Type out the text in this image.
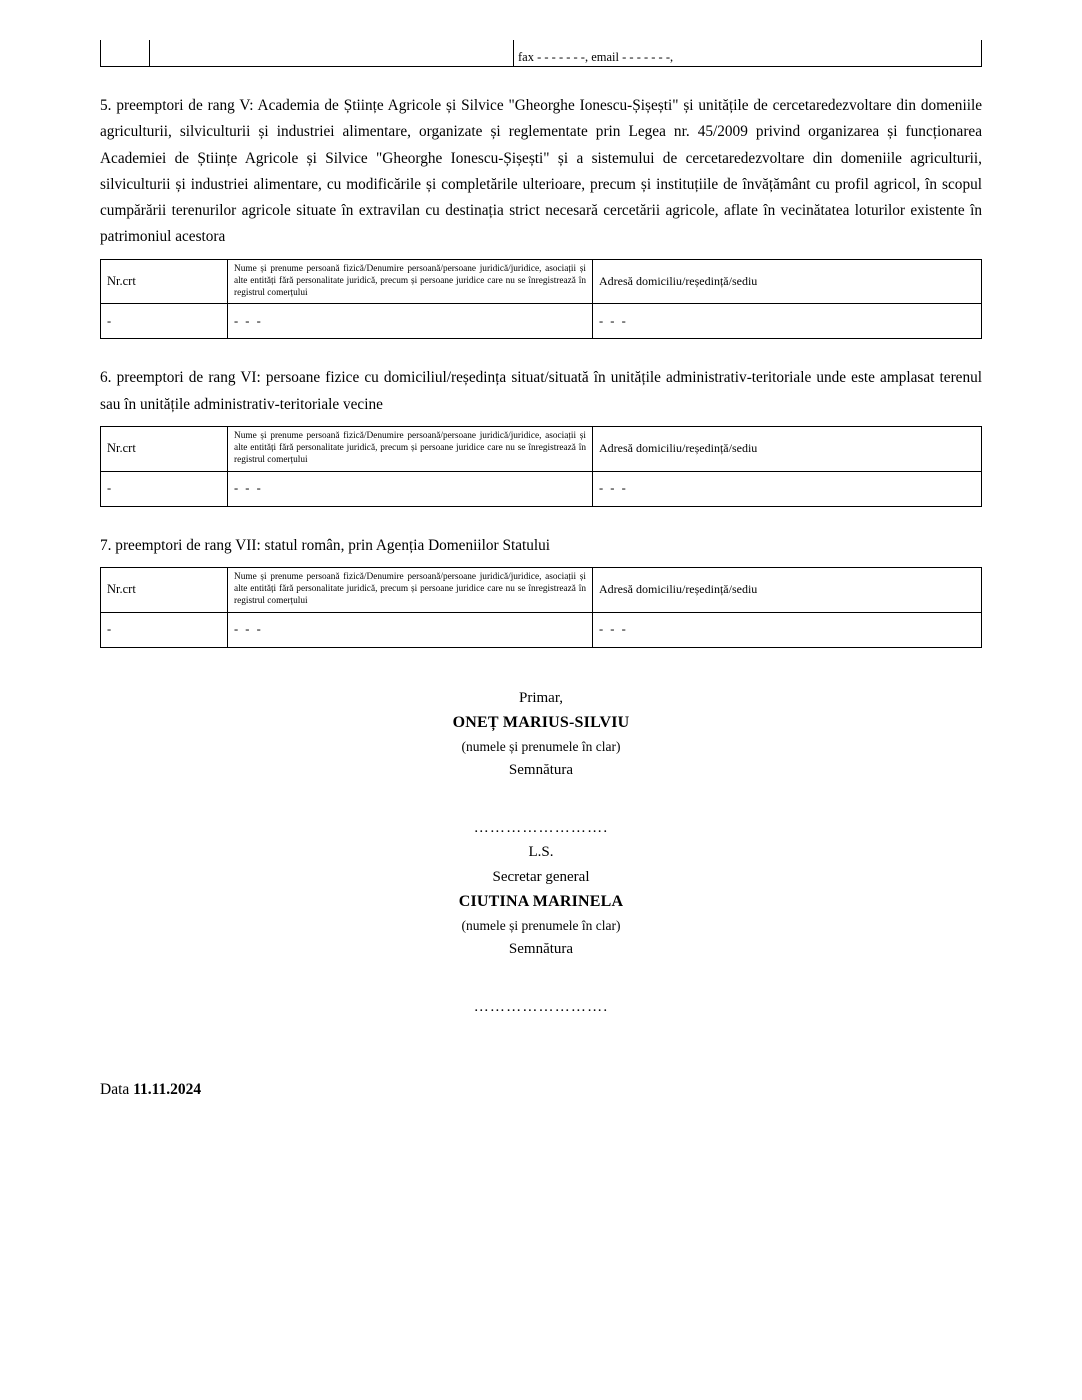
		fax - - - - - - -, email - - - - - - -,

5. preemptori de rang V: Academia de Științe Agricole și Silvice "Gheorghe Ionescu-Șișești" și unitățile de cercetaredezvoltare din domeniile agriculturii, silviculturii și industriei alimentare, organizate și reglementate prin Legea nr. 45/2009 privind organizarea și funcționarea Academiei de Științe Agricole și Silvice "Gheorghe Ionescu-Șișești" și a sistemului de cercetaredezvoltare din domeniile agriculturii, silviculturii și industriei alimentare, cu modificările și completările ulterioare, precum și instituțiile de învățământ cu profil agricol, în scopul cumpărării terenurilor agricole situate în extravilan cu destinația strict necesară cercetării agricole, aflate în vecinătatea loturilor existente în patrimoniul acestora

Nr.crt	Nume și prenume persoană fizică/Denumire persoană/persoane juridică/juridice, asociații și alte entități fără personalitate juridică, precum și persoane juridice care nu se înregistrează în registrul comerțului	Adresă domiciliu/reședință/sediu
-	- - -	- - -

6. preemptori de rang VI: persoane fizice cu domiciliul/reședința situat/situată în unitățile administrativ-teritoriale unde este amplasat terenul sau în unitățile administrativ-teritoriale vecine

Nr.crt	Nume și prenume persoană fizică/Denumire persoană/persoane juridică/juridice, asociații și alte entități fără personalitate juridică, precum și persoane juridice care nu se înregistrează în registrul comerțului	Adresă domiciliu/reședință/sediu
-	- - -	- - -

7. preemptori de rang VII: statul român, prin Agenția Domeniilor Statului

Nr.crt	Nume și prenume persoană fizică/Denumire persoană/persoane juridică/juridice, asociații și alte entități fără personalitate juridică, precum și persoane juridice care nu se înregistrează în registrul comerțului	Adresă domiciliu/reședință/sediu
-	- - -	- - -
Primar,
ONEȚ MARIUS-SILVIU
(numele și prenumele în clar)
Semnătura
…………………….
L.S.
Secretar general
CIUTINA MARINELA
(numele și prenumele în clar)
Semnătura
…………………….
Data 11.11.2024
